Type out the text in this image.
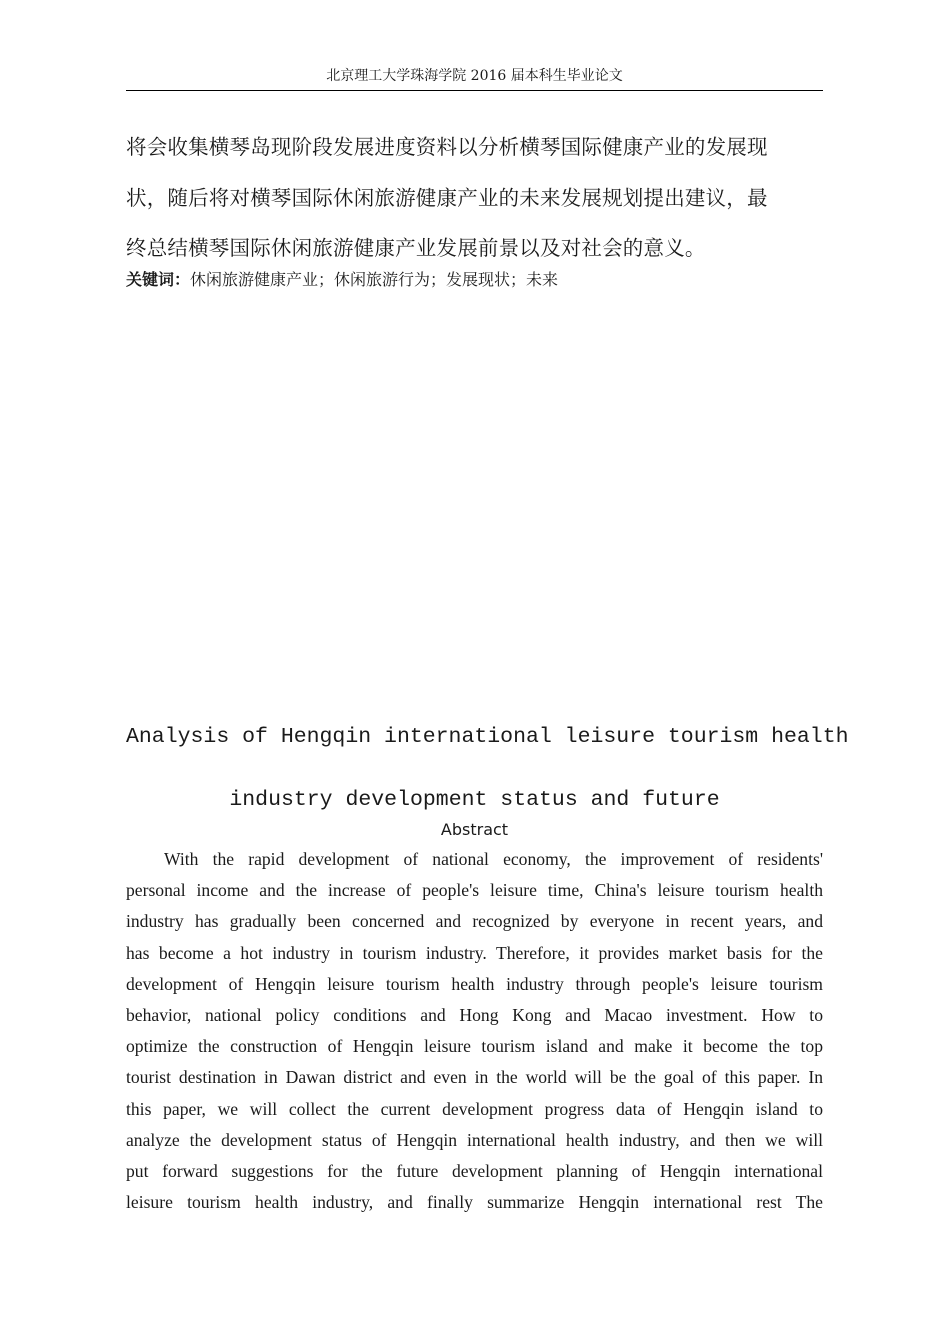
北京理工大学珠海学院 2016 届本科生毕业论文

将会收集横琴岛现阶段发展进度资料以分析横琴国际健康产业的发展现
状，随后将对横琴国际休闲旅游健康产业的未来发展规划提出建议，最
终总结横琴国际休闲旅游健康产业发展前景以及对社会的意义。

关键词：休闲旅游健康产业；休闲旅游行为；发展现状；未来
Analysis of Hengqin international leisure tourism health
industry development status and future
Abstract

With the rapid development of national economy, the improvement of residents'
personal income and the increase of people's leisure time, China's leisure tourism health
industry has gradually been concerned and recognized by everyone in recent years, and
has become a hot industry in tourism industry. Therefore, it provides market basis for the
development of Hengqin leisure tourism health industry through people's leisure tourism
behavior, national policy conditions and Hong Kong and Macao investment. How to
optimize the construction of Hengqin leisure tourism island and make it become the top
tourist destination in Dawan district and even in the world will be the goal of this paper. In
this paper, we will collect the current development progress data of Hengqin island to
analyze the development status of Hengqin international health industry, and then we will
put forward suggestions for the future development planning of Hengqin international
leisure tourism health industry, and finally summarize Hengqin international rest The
